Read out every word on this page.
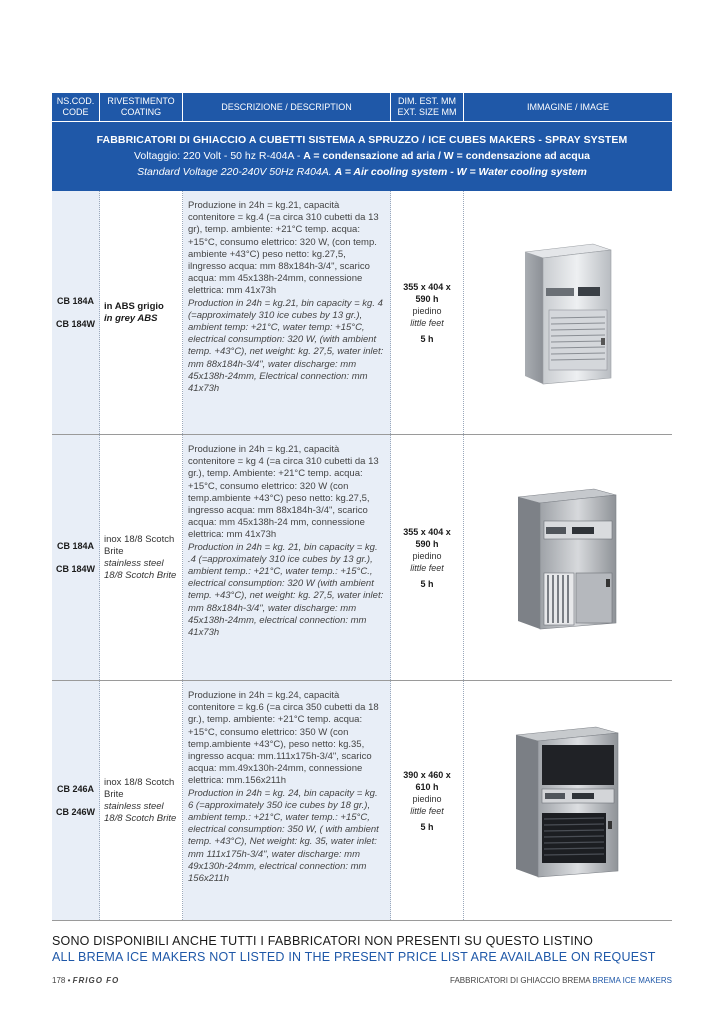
NS.COD. CODE
RIVESTIMENTO COATING
DESCRIZIONE / DESCRIPTION
DIM. EST. MM EXT. SIZE MM
IMMAGINE / IMAGE
FABBRICATORI DI GHIACCIO A CUBETTI SISTEMA A SPRUZZO / ICE CUBES MAKERS - SPRAY SYSTEM
Voltaggio: 220 Volt - 50 hz R-404A - A = condensazione ad aria / W = condensazione ad acqua
Standard Voltage 220-240V 50Hz R404A. A = Air cooling system - W = Water cooling system
CB 184A
CB 184W
in ABS grigio
in grey ABS
Produzione in 24h = kg.21, capacità contenitore = kg.4 (=a circa 310 cubetti da 13 gr), temp. ambiente: +21°C temp. acqua: +15°C, consumo elettrico: 320 W, (con temp. ambiente +43°C) peso netto: kg.27,5, ilngresso acqua: mm 88x184h-3/4", scarico acqua: mm 45x138h-24mm, connessione elettrica: mm 41x73h
Production in 24h = kg.21, bin capacity = kg. 4 (=approximately 310 ice cubes by 13 gr.), ambient temp: +21°C, water temp: +15°C, electrical consumption: 320 W, (with ambient temp. +43°C), net weight: kg. 27,5, water inlet: mm 88x184h-3/4", water discharge: mm 45x138h-24mm, Electrical connection: mm 41x73h
355 x 404 x 590 h
piedino
little feet
5 h
CB 184A
CB 184W
inox 18/8 Scotch Brite
stainless steel 18/8 Scotch Brite
Produzione in 24h = kg.21, capacità contenitore = kg 4 (=a circa 310 cubetti da 13 gr.), temp. Ambiente: +21°C temp. acqua: +15°C, consumo elettrico: 320 W (con temp.ambiente +43°C) peso netto: kg.27,5, ingresso acqua: mm 88x184h-3/4", scarico acqua: mm 45x138h-24 mm, connessione elettrica: mm 41x73h
Production in 24h = kg. 21, bin capacity = kg. .4 (=approximately 310 ice cubes by 13 gr.), ambient temp.: +21°C, water temp.: +15°C., electrical consumption: 320 W (with ambient temp. +43°C), net weight: kg. 27,5, water inlet: mm 88x184h-3/4", water discharge: mm 45x138h-24mm, electrical connection: mm 41x73h
355 x 404 x 590 h
piedino
little feet
5 h
CB 246A
CB 246W
inox 18/8 Scotch Brite
stainless steel 18/8 Scotch Brite
Produzione in 24h = kg.24, capacità contenitore = kg.6 (=a circa 350 cubetti da 18 gr.), temp. ambiente: +21°C temp. acqua: +15°C, consumo elettrico: 350 W (con temp.ambiente +43°C), peso netto: kg.35, ingresso acqua: mm.111x175h-3/4", scarico acqua: mm.49x130h-24mm, connessione elettrica: mm.156x211h
Production in 24h = kg. 24, bin capacity = kg. 6 (=approximately 350 ice cubes by 18 gr.), ambient temp.: +21°C, water temp.: +15°C, electrical consumption: 350 W, ( with ambient temp. +43°C), Net weight: kg. 35, water inlet: mm 111x175h-3/4", water discharge: mm 49x130h-24mm, electrical connection: mm 156x211h
390 x 460 x 610 h
piedino
little feet
5 h
SONO DISPONIBILI ANCHE TUTTI I FABBRICATORI NON PRESENTI SU QUESTO LISTINO
ALL BREMA ICE MAKERS NOT LISTED IN THE PRESENT PRICE LIST ARE AVAILABLE ON REQUEST
178 • FRIGO FO	FABBRICATORI DI GHIACCIO BREMA BREMA ICE MAKERS
